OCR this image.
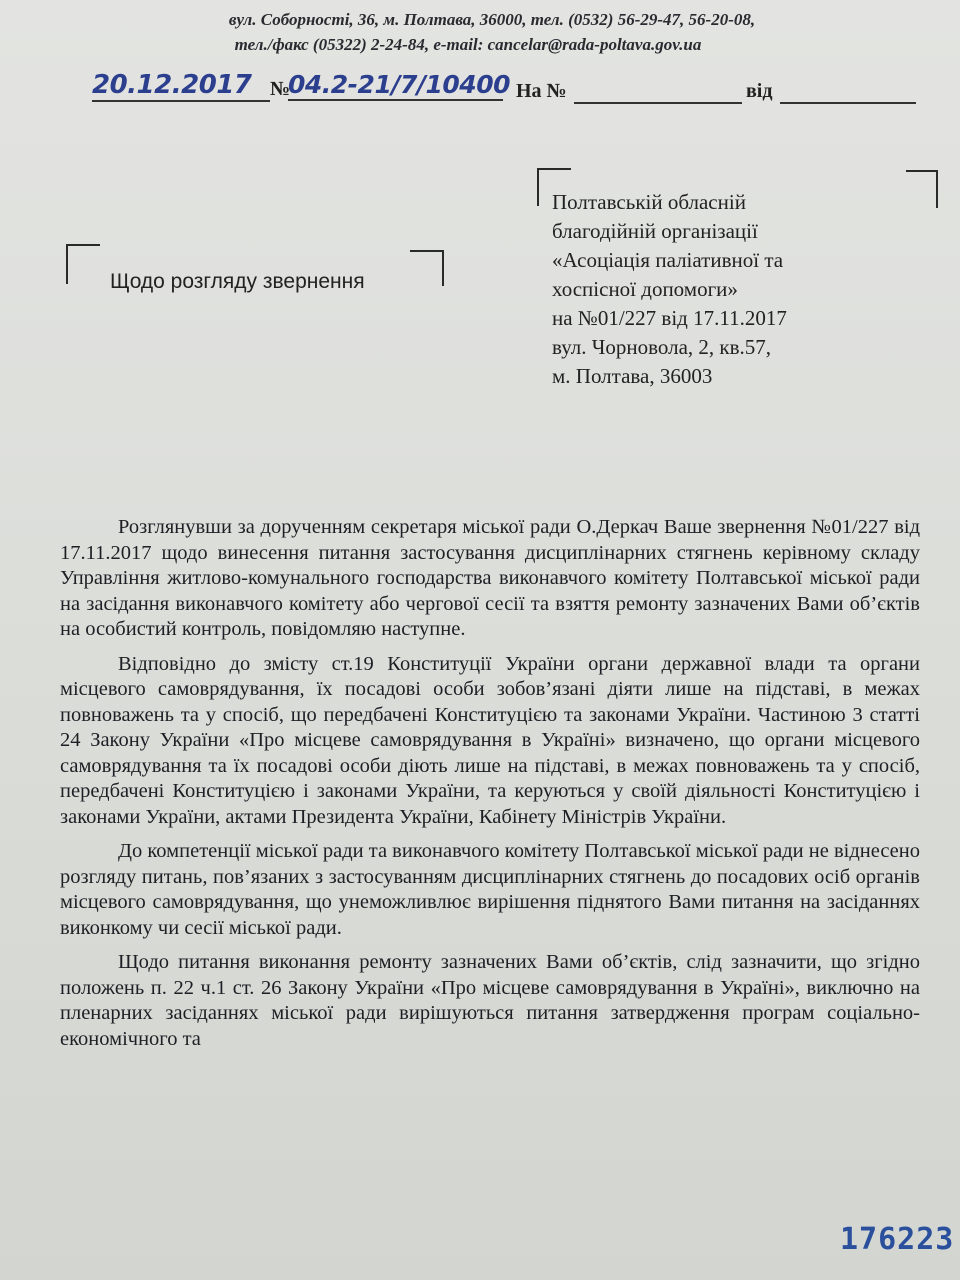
вул. Соборності, 36, м. Полтава, 36000, тел. (0532) 56-29-47, 56-20-08,
тел./факс (05322) 2-24-84, e-mail: cancelar@rada-poltava.gov.ua
20.12.2017 №
04.2-21/7/10400 На №	від
Щодо розгляду звернення
Полтавській обласній
благодійній організації
«Асоціація паліативної та
хоспісної допомоги»
на №01/227 від 17.11.2017
вул. Чорновола, 2, кв.57,
м. Полтава, 36003

Розглянувши за дорученням секретаря міської ради О.Деркач Ваше звернення №01/227 від 17.11.2017 щодо винесення питання застосування дисциплінарних стягнень керівному складу Управління житлово-комунального господарства виконавчого комітету Полтавської міської ради на засідання виконавчого комітету або чергової сесії та взяття ремонту зазначених Вами об’єктів на особистий контроль, повідомляю наступне.

Відповідно до змісту ст.19 Конституції України органи державної влади та органи місцевого самоврядування, їх посадові особи зобов’язані діяти лише на підставі, в межах повноважень та у спосіб, що передбачені Конституцією та законами України. Частиною 3 статті 24 Закону України «Про місцеве самоврядування в Україні» визначено, що органи місцевого самоврядування та їх посадові особи діють лише на підставі, в межах повноважень та у спосіб, передбачені Конституцією і законами України, та керуються у своїй діяльності Конституцією і законами України, актами Президента України, Кабінету Міністрів України.

До компетенції міської ради та виконавчого комітету Полтавської міської ради не віднесено розгляду питань, пов’язаних з застосуванням дисциплінарних стягнень до посадових осіб органів місцевого самоврядування, що унеможливлює вирішення піднятого Вами питання на засіданнях виконкому чи сесії міської ради.

Щодо питання виконання ремонту зазначених Вами об’єктів, слід зазначити, що згідно положень п. 22 ч.1 ст. 26 Закону України «Про місцеве самоврядування в Україні», виключно на пленарних засіданнях міської ради вирішуються питання затвердження програм соціально-економічного та

176223
